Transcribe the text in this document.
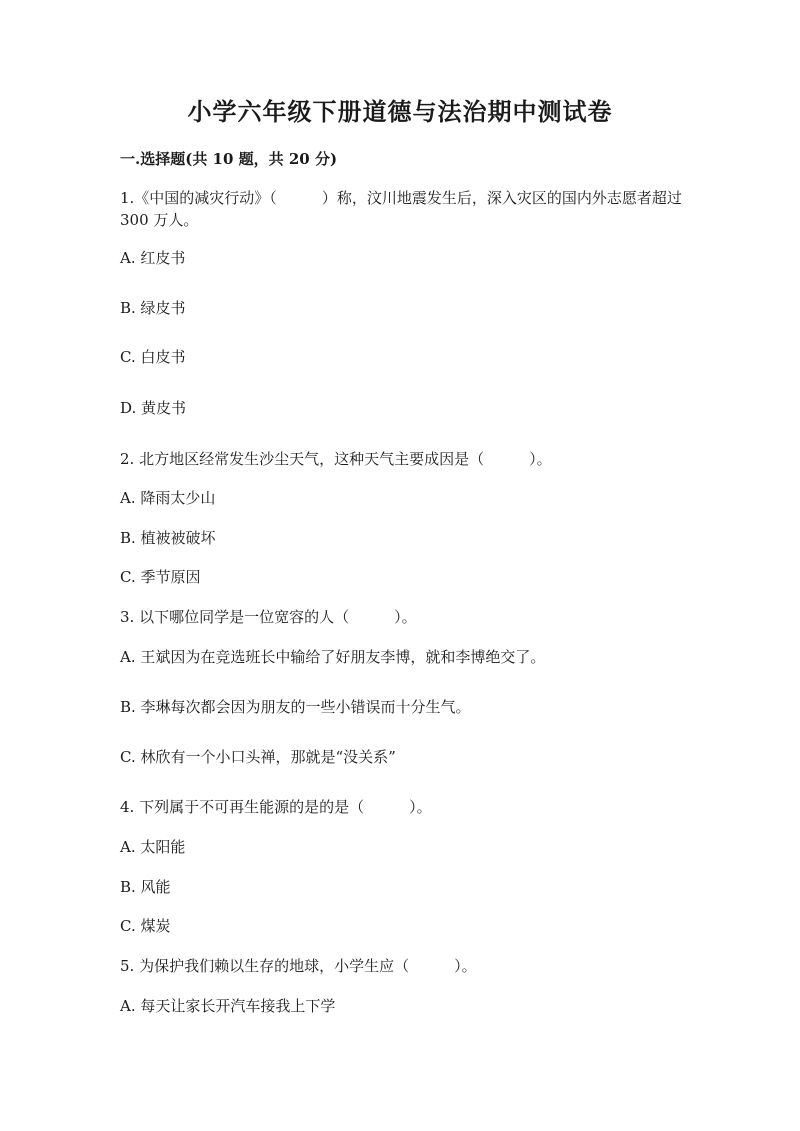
小学六年级下册道德与法治期中测试卷
一.选择题(共 10 题，共 20 分)
1.《中国的减灾行动》（　　　）称，汶川地震发生后，深入灾区的国内外志愿者超过 300 万人。
A. 红皮书
B. 绿皮书
C. 白皮书
D. 黄皮书
2. 北方地区经常发生沙尘天气，这种天气主要成因是（　　　）。
A. 降雨太少山
B. 植被被破坏
C. 季节原因
3. 以下哪位同学是一位宽容的人（　　　）。
A. 王斌因为在竞选班长中输给了好朋友李博，就和李博绝交了。
B. 李琳每次都会因为朋友的一些小错误而十分生气。
C. 林欣有一个小口头禅，那就是“没关系”
4. 下列属于不可再生能源的是的是（　　　）。
A. 太阳能
B. 风能
C. 煤炭
5. 为保护我们赖以生存的地球，小学生应（　　　）。
A. 每天让家长开汽车接我上下学
